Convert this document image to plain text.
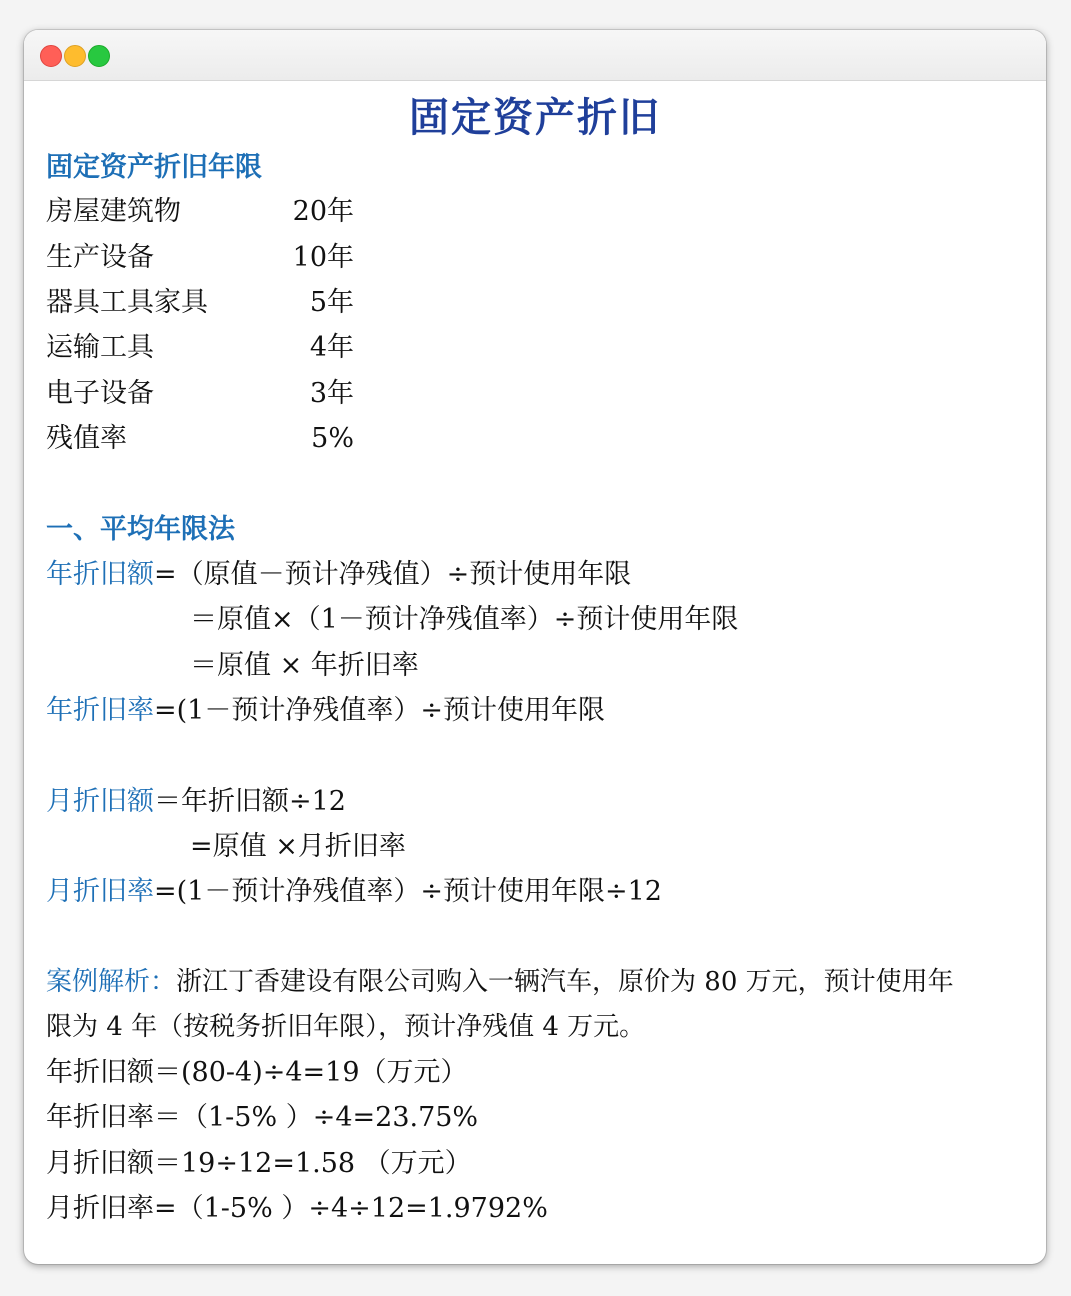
固定资产折旧
固定资产折旧年限
房屋建筑物	20年
生产设备	10年
器具工具家具	5年
运输工具	4年
电子设备	3年
残值率	5%
一、平均年限法
年折旧额=（原值－预计净残值）÷预计使用年限
＝原值×（1－预计净残值率）÷预计使用年限
＝原值 × 年折旧率
年折旧率=(1－预计净残值率）÷预计使用年限
月折旧额＝年折旧额÷12
=原值 ×月折旧率
月折旧率=(1－预计净残值率）÷预计使用年限÷12
案例解析：浙江丁香建设有限公司购入一辆汽车，原价为 80 万元，预计使用年
限为 4 年（按税务折旧年限），预计净残值 4 万元。
年折旧额＝(80-4)÷4=19（万元）
年折旧率＝（1-5% ）÷4=23.75%
月折旧额＝19÷12=1.58 （万元）
月折旧率=（1-5% ）÷4÷12=1.9792%
